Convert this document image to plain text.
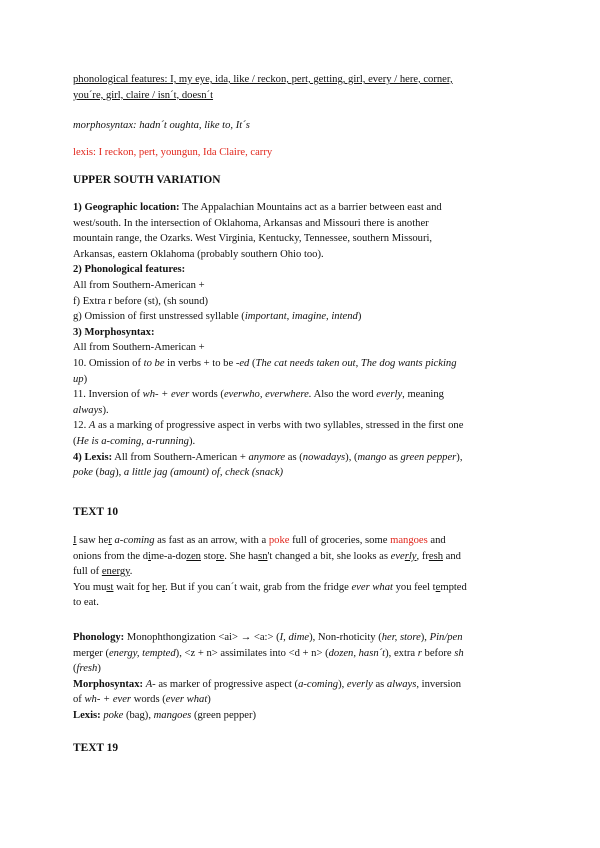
phonological features: I, my eye, ida, like / reckon, pert, getting, girl, every / here, corner,
you´re, girl, claire / isn´t, doesn´t
morphosyntax: hadn´t oughta, like to, It´s
lexis: I reckon, pert, youngun, Ida Claire, carry
UPPER SOUTH VARIATION
1) Geographic location: The Appalachian Mountains act as a barrier between east and
west/south. In the intersection of Oklahoma, Arkansas and Missouri there is another
mountain range, the Ozarks. West Virginia, Kentucky, Tennessee, southern Missouri,
Arkansas, eastern Oklahoma (probably southern Ohio too).
2) Phonological features:
All from Southern-American +
f) Extra r before (st), (sh sound)
g) Omission of first unstressed syllable (important, imagine, intend)
3) Morphosyntax:
All from Southern-American +
10. Omission of to be in verbs + to be -ed (The cat needs taken out, The dog wants picking
up)
11. Inversion of wh- + ever words (everwho, everwhere. Also the word everly, meaning
always).
12. A as a marking of progressive aspect in verbs with two syllables, stressed in the first one
(He is a-coming, a-running).
4) Lexis: All from Southern-American + anymore as (nowadays), (mango as green pepper),
poke (bag), a little jag (amount) of, check (snack)
TEXT 10
I saw her a-coming as fast as an arrow, with a poke full of groceries, some mangoes and
onions from the dime-a-dozen store. She hasn't changed a bit, she looks as everly, fresh and
full of energy.
You must wait for her. But if you can´t wait, grab from the fridge ever what you feel tempted
to eat.
Phonology: Monophthongization <ai> → <a:> (I, dime), Non-rhoticity (her, store), Pin/pen
merger (energy, tempted), <z + n> assimilates into <d + n> (dozen, hasn´t), extra r before sh
(fresh)
Morphosyntax: A- as marker of progressive aspect (a-coming), everly as always, inversion
of wh- + ever words (ever what)
Lexis: poke (bag), mangoes (green pepper)
TEXT 19
